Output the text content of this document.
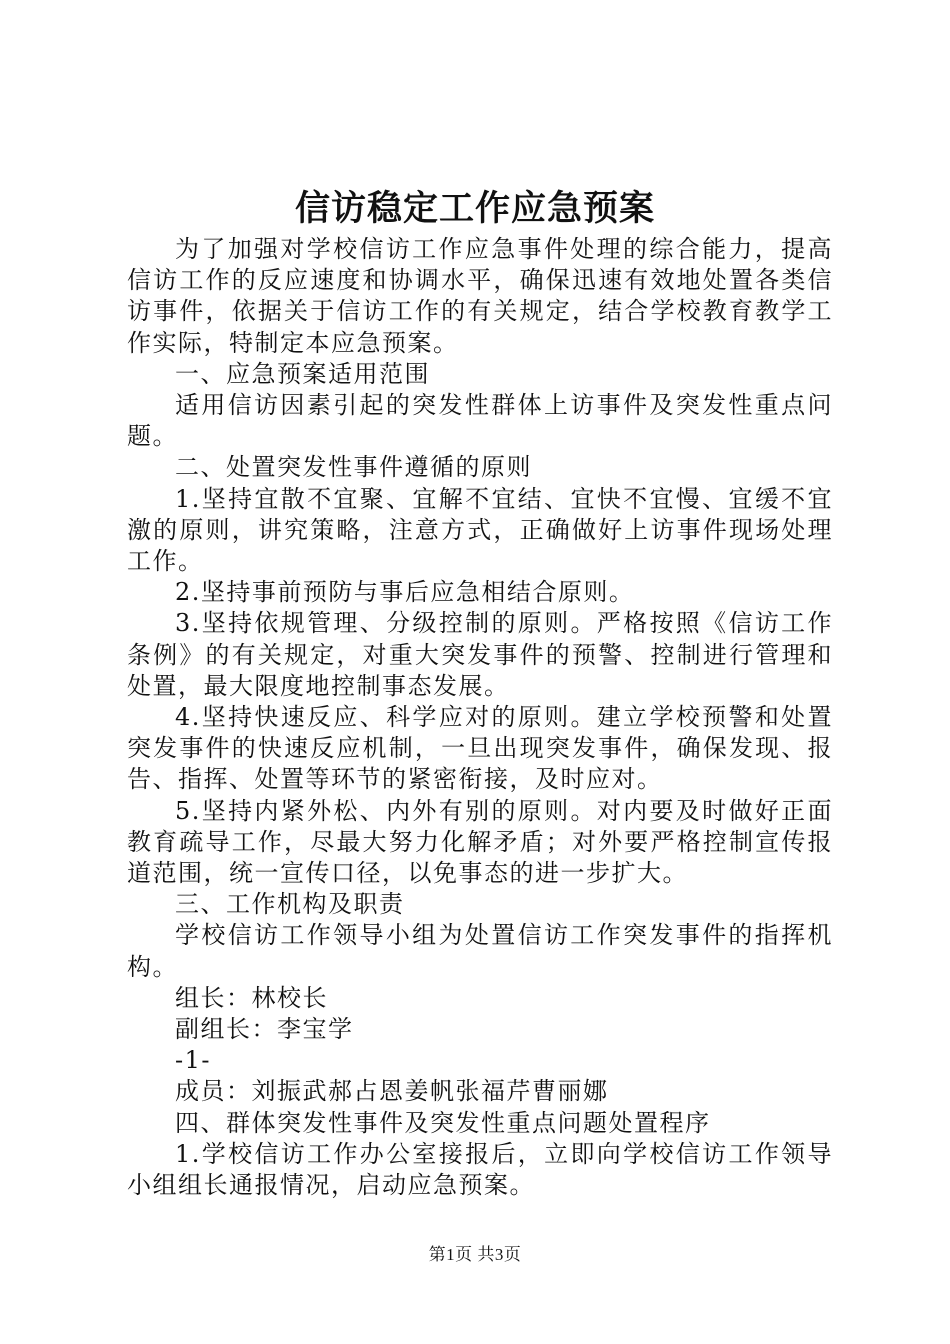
信访稳定工作应急预案

为了加强对学校信访工作应急事件处理的综合能力，提高信访工作的反应速度和协调水平，确保迅速有效地处置各类信访事件，依据关于信访工作的有关规定，结合学校教育教学工作实际，特制定本应急预案。

一、应急预案适用范围

适用信访因素引起的突发性群体上访事件及突发性重点问题。

二、处置突发性事件遵循的原则

1.坚持宜散不宜聚、宜解不宜结、宜快不宜慢、宜缓不宜激的原则，讲究策略，注意方式，正确做好上访事件现场处理工作。

2.坚持事前预防与事后应急相结合原则。

3.坚持依规管理、分级控制的原则。严格按照《信访工作条例》的有关规定，对重大突发事件的预警、控制进行管理和处置，最大限度地控制事态发展。

4.坚持快速反应、科学应对的原则。建立学校预警和处置突发事件的快速反应机制，一旦出现突发事件，确保发现、报告、指挥、处置等环节的紧密衔接，及时应对。

5.坚持内紧外松、内外有别的原则。对内要及时做好正面教育疏导工作，尽最大努力化解矛盾；对外要严格控制宣传报道范围，统一宣传口径，以免事态的进一步扩大。

三、工作机构及职责

学校信访工作领导小组为处置信访工作突发事件的指挥机构。

组长：林校长

副组长：李宝学

-1-

成员：刘振武郝占恩姜帆张福芹曹丽娜

四、群体突发性事件及突发性重点问题处置程序

1.学校信访工作办公室接报后，立即向学校信访工作领导小组组长通报情况，启动应急预案。

第1页 共3页
